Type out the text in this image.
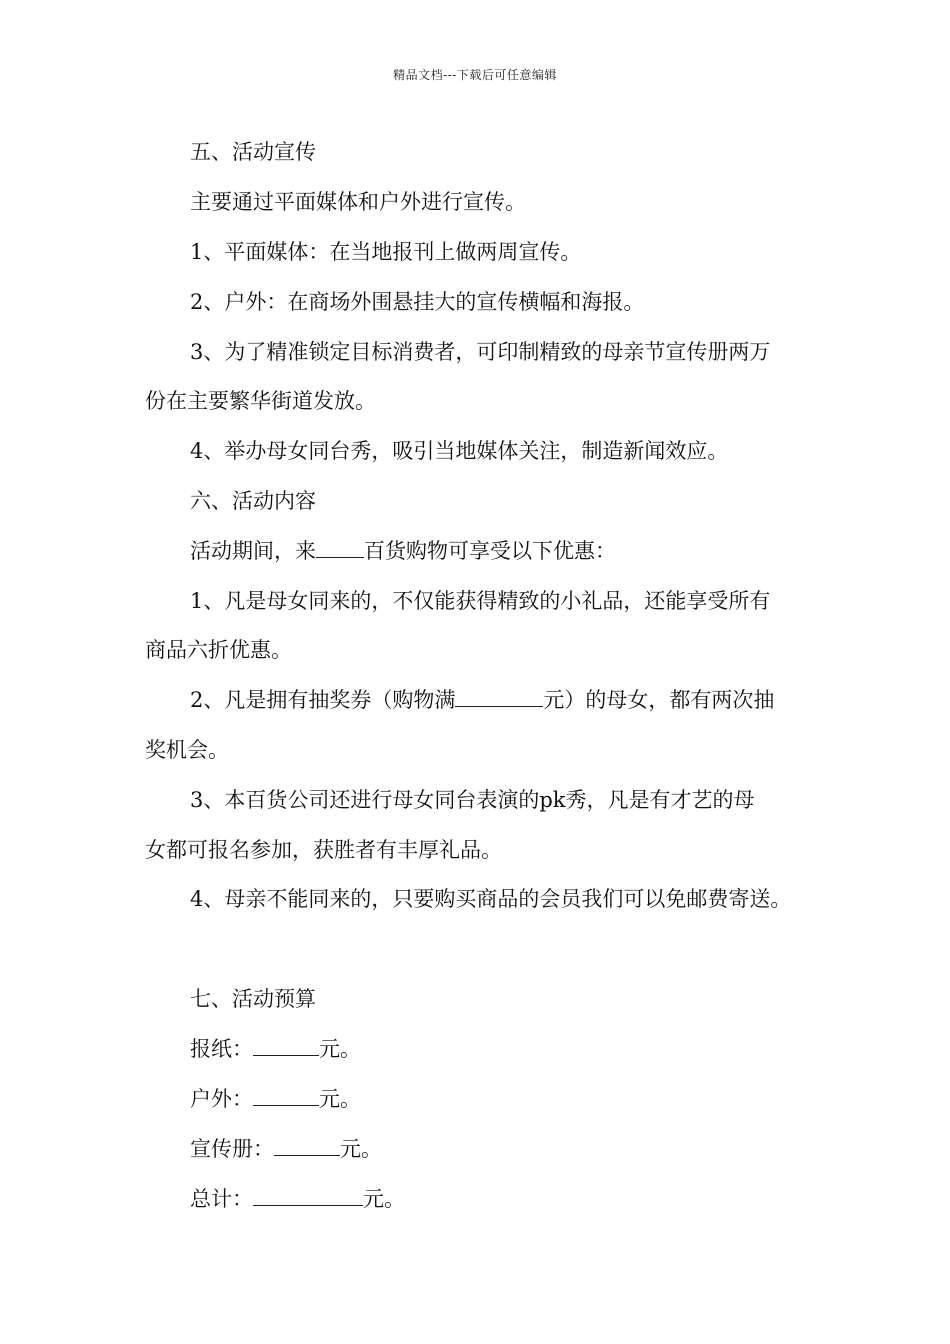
精品文档---下载后可任意编辑
五、活动宣传
主要通过平面媒体和户外进行宣传。
1、平面媒体：在当地报刊上做两周宣传。
2、户外：在商场外围悬挂大的宣传横幅和海报。
3、为了精准锁定目标消费者，可印制精致的母亲节宣传册两万
份在主要繁华街道发放。
4、举办母女同台秀，吸引当地媒体关注，制造新闻效应。
六、活动内容
活动期间，来 百货购物可享受以下优惠：
1、凡是母女同来的，不仅能获得精致的小礼品，还能享受所有
商品六折优惠。
2、凡是拥有抽奖券（购物满	元）的母女，都有两次抽
奖机会。
3、本百货公司还进行母女同台表演的pk秀，凡是有才艺的母
女都可报名参加，获胜者有丰厚礼品。
4、母亲不能同来的，只要购买商品的会员我们可以免邮费寄送。
七、活动预算
报纸：	元。
户外：	元。
宣传册：	元。
总计：	元。
